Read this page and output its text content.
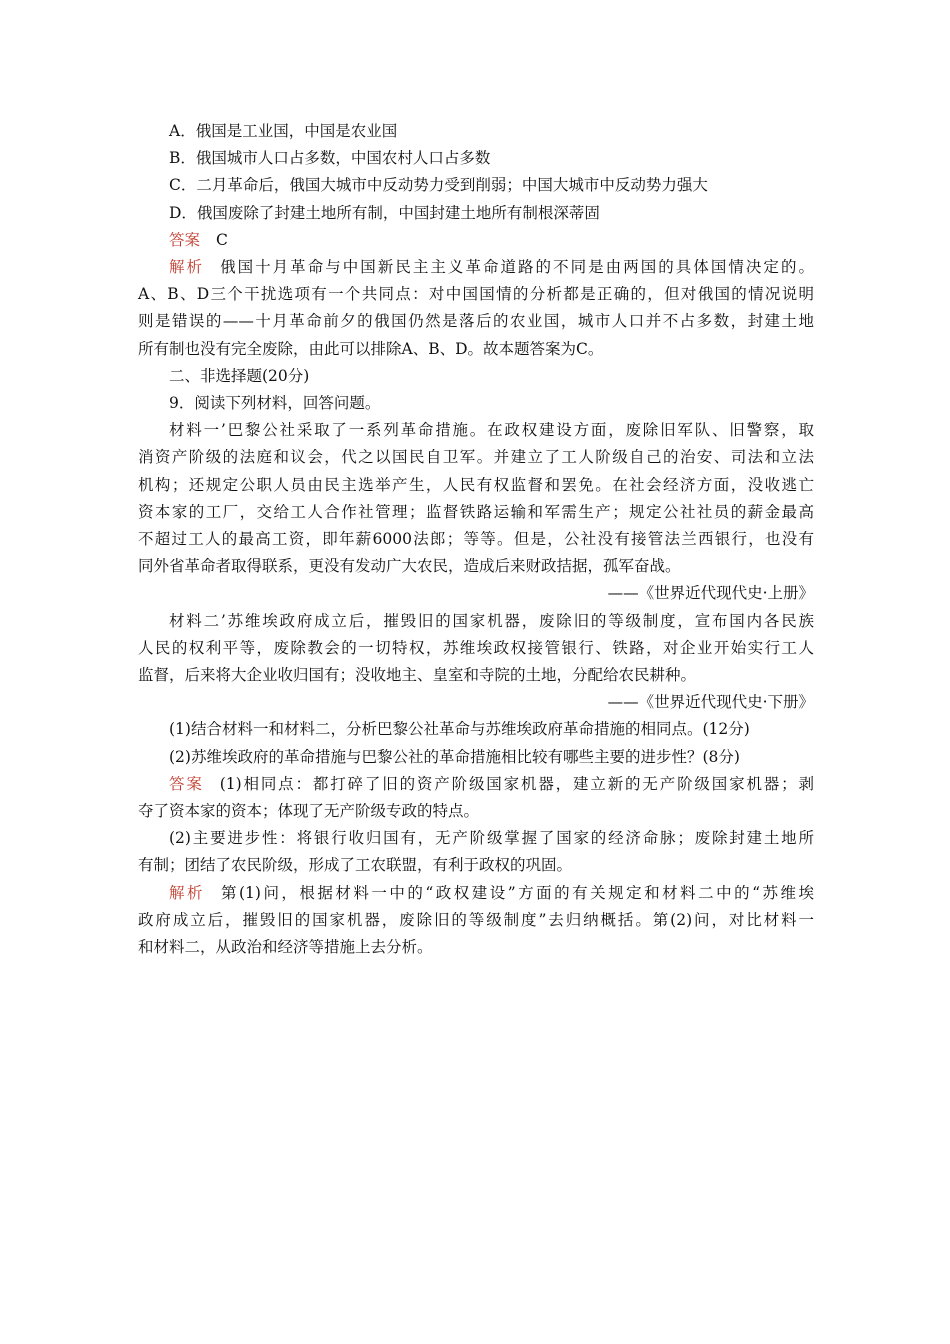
A．俄国是工业国，中国是农业国
B．俄国城市人口占多数，中国农村人口占多数
C．二月革命后，俄国大城市中反动势力受到削弱；中国大城市中反动势力强大
D．俄国废除了封建土地所有制，中国封建土地所有制根深蒂固
答案 C
解析 俄国十月革命与中国新民主主义革命道路的不同是由两国的具体国情决定的。
A、B、D三个干扰选项有一个共同点：对中国国情的分析都是正确的，但对俄国的情况说明
则是错误的——十月革命前夕的俄国仍然是落后的农业国，城市人口并不占多数，封建土地
所有制也没有完全废除，由此可以排除A、B、D。故本题答案为C。
二、非选择题(20分)
9．阅读下列材料，回答问题。
材料一’巴黎公社采取了一系列革命措施。在政权建设方面，废除旧军队、旧警察，取
消资产阶级的法庭和议会，代之以国民自卫军。并建立了工人阶级自己的治安、司法和立法
机构；还规定公职人员由民主选举产生，人民有权监督和罢免。在社会经济方面，没收逃亡
资本家的工厂，交给工人合作社管理；监督铁路运输和军需生产；规定公社社员的薪金最高
不超过工人的最高工资，即年薪6000法郎；等等。但是，公社没有接管法兰西银行，也没有
同外省革命者取得联系，更没有发动广大农民，造成后来财政拮据，孤军奋战。
——《世界近代现代史·上册》
材料二’苏维埃政府成立后，摧毁旧的国家机器，废除旧的等级制度，宣布国内各民族
人民的权利平等，废除教会的一切特权，苏维埃政权接管银行、铁路，对企业开始实行工人
监督，后来将大企业收归国有；没收地主、皇室和寺院的土地，分配给农民耕种。
——《世界近代现代史·下册》
(1)结合材料一和材料二，分析巴黎公社革命与苏维埃政府革命措施的相同点。(12分)
(2)苏维埃政府的革命措施与巴黎公社的革命措施相比较有哪些主要的进步性？(8分)
答案 (1)相同点：都打碎了旧的资产阶级国家机器，建立新的无产阶级国家机器；剥
夺了资本家的资本；体现了无产阶级专政的特点。
(2)主要进步性：将银行收归国有，无产阶级掌握了国家的经济命脉；废除封建土地所
有制；团结了农民阶级，形成了工农联盟，有利于政权的巩固。
解析 第(1)问，根据材料一中的“政权建设”方面的有关规定和材料二中的“苏维埃
政府成立后，摧毁旧的国家机器，废除旧的等级制度”去归纳概括。第(2)问，对比材料一
和材料二，从政治和经济等措施上去分析。
